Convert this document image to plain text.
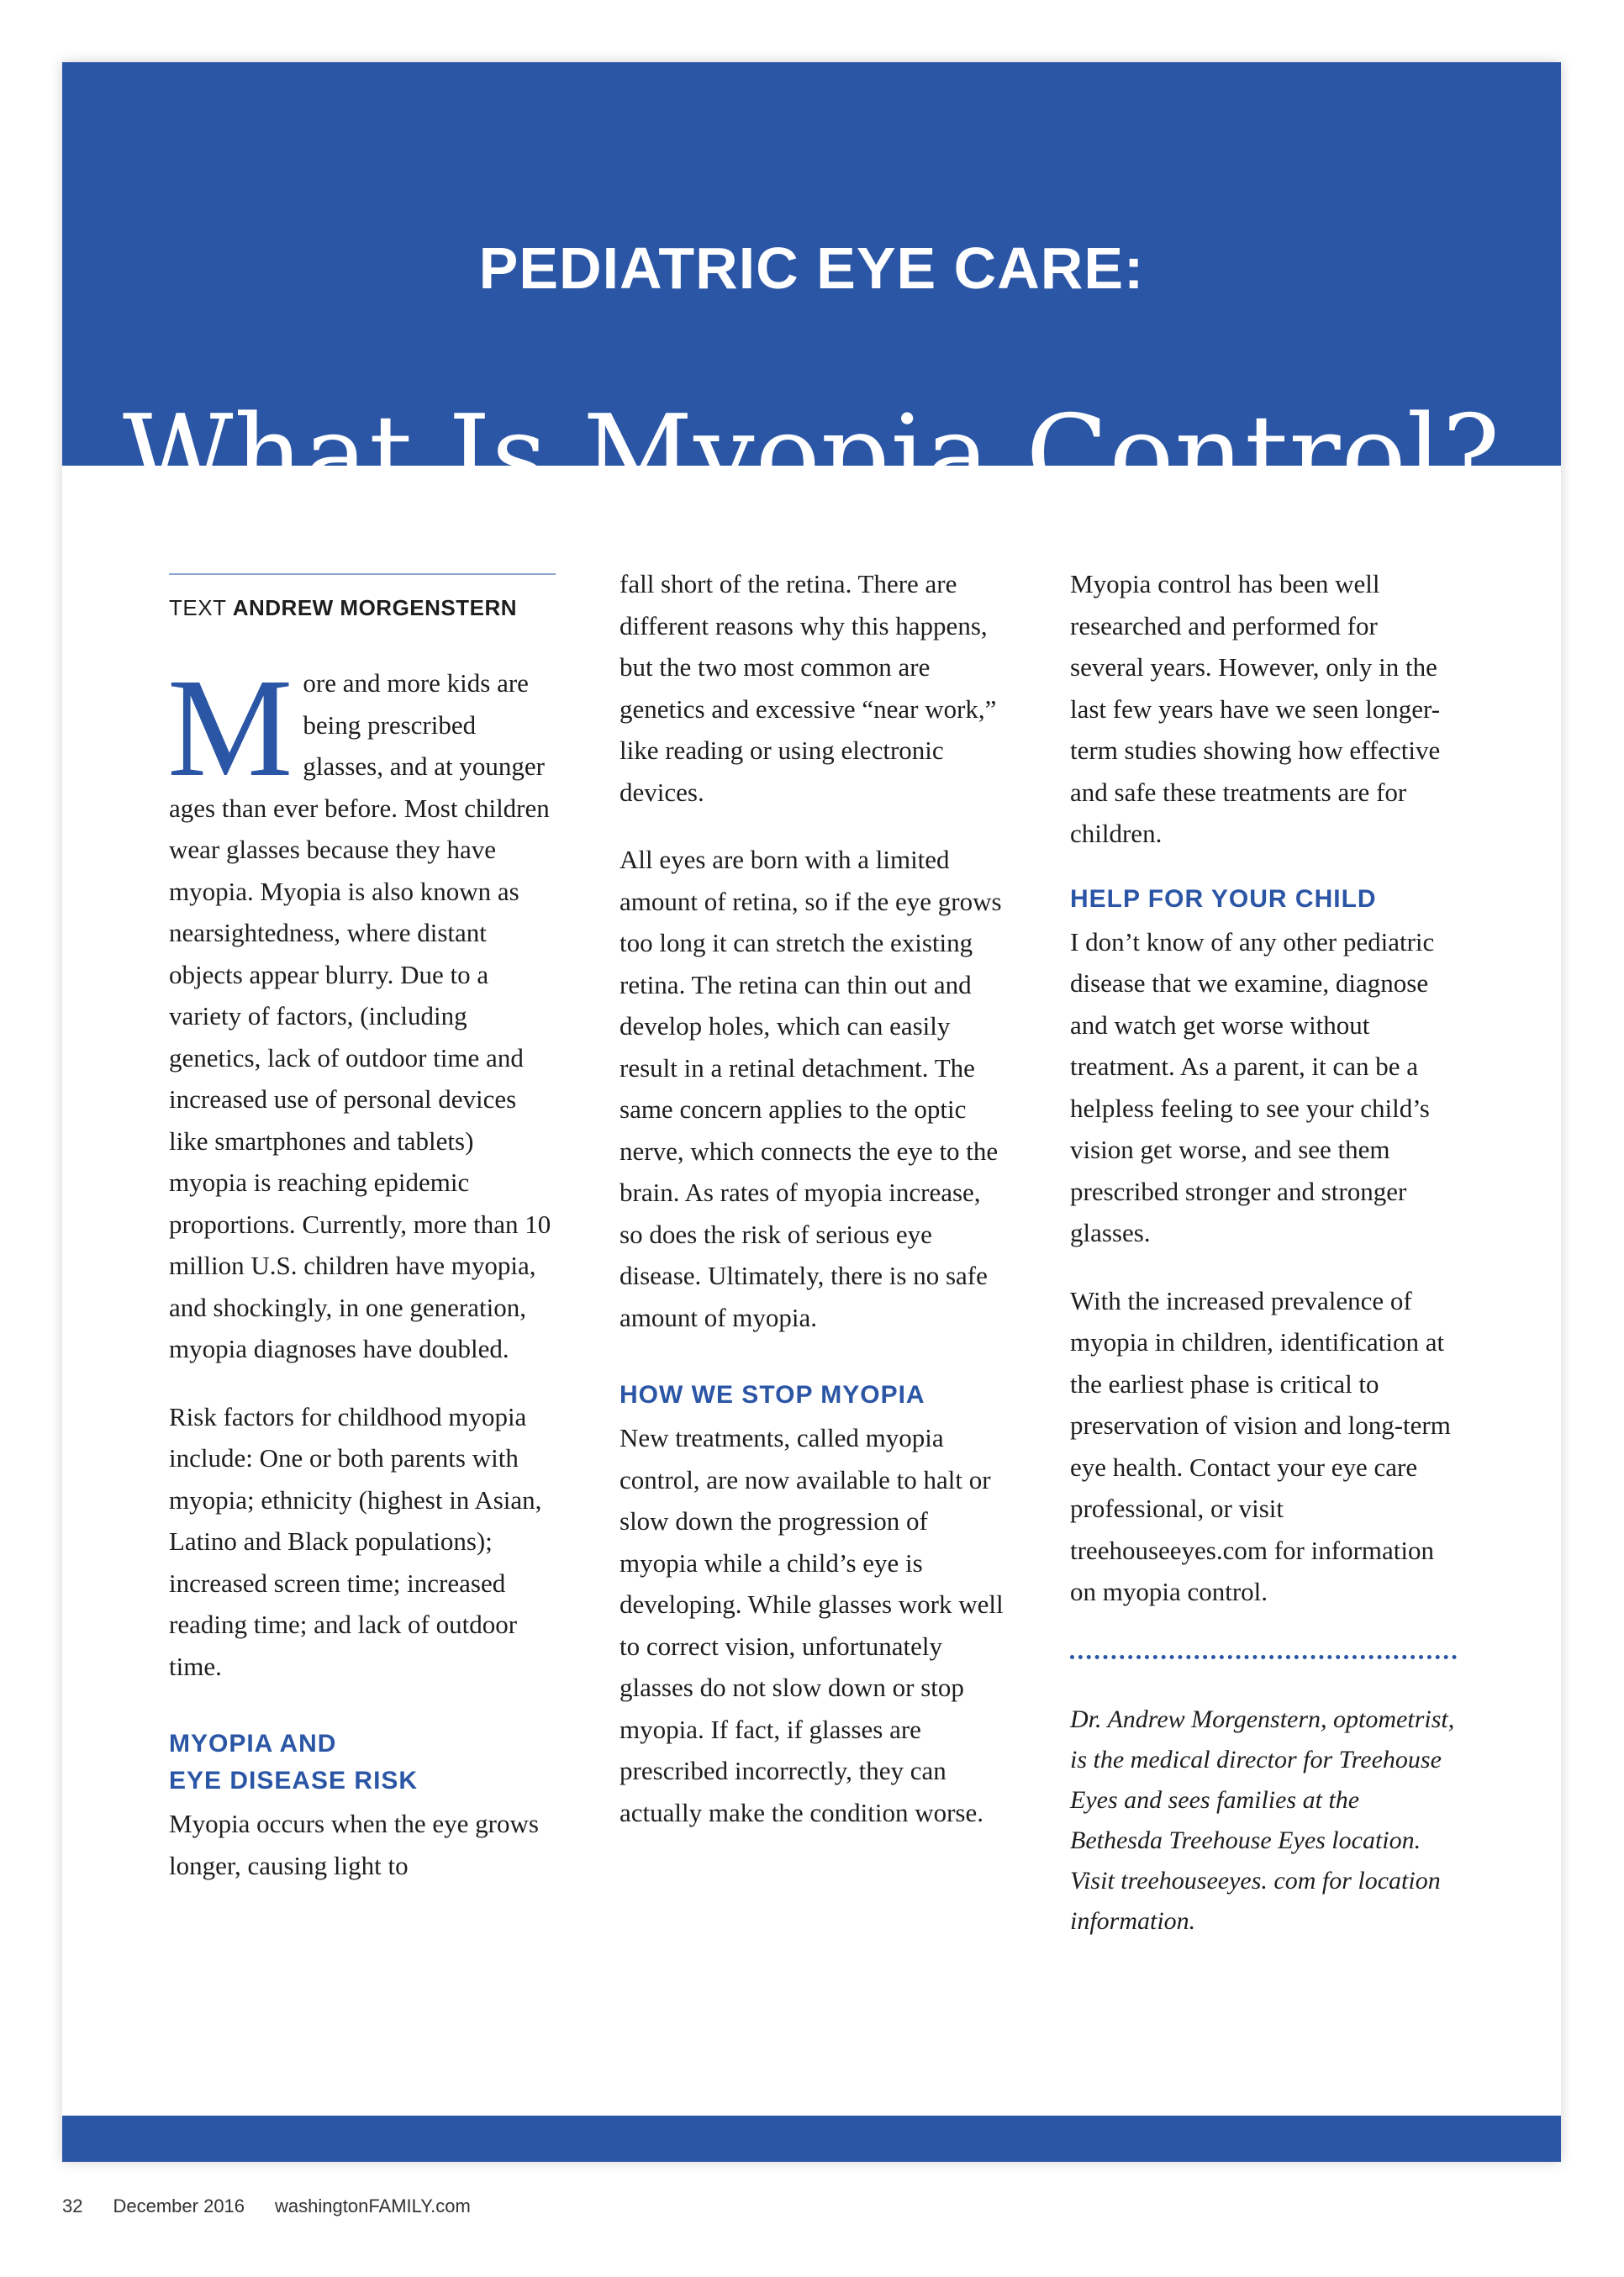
PEDIATRIC EYE CARE:
What Is Myopia Control?
TEXT ANDREW MORGENSTERN

More and more kids are being prescribed glasses, and at younger ages than ever before. Most children wear glasses because they have myopia. Myopia is also known as nearsightedness, where distant objects appear blurry. Due to a variety of factors, (including genetics, lack of outdoor time and increased use of personal devices like smartphones and tablets) myopia is reaching epidemic proportions. Currently, more than 10 million U.S. children have myopia, and shockingly, in one generation, myopia diagnoses have doubled.

Risk factors for childhood myopia include: One or both parents with myopia; ethnicity (highest in Asian, Latino and Black populations); increased screen time; increased reading time; and lack of outdoor time.

MYOPIA AND
EYE DISEASE RISK

Myopia occurs when the eye grows longer, causing light to

fall short of the retina. There are different reasons why this happens, but the two most common are genetics and excessive “near work,” like reading or using electronic devices.

All eyes are born with a limited amount of retina, so if the eye grows too long it can stretch the existing retina. The retina can thin out and develop holes, which can easily result in a retinal detachment. The same concern applies to the optic nerve, which connects the eye to the brain. As rates of myopia increase, so does the risk of serious eye disease. Ultimately, there is no safe amount of myopia.

HOW WE STOP MYOPIA

New treatments, called myopia control, are now available to halt or slow down the progression of myopia while a child’s eye is developing. While glasses work well to correct vision, unfortunately glasses do not slow down or stop myopia. If fact, if glasses are prescribed incorrectly, they can actually make the condition worse.

Myopia control has been well researched and performed for several years. However, only in the last few years have we seen longer-term studies showing how effective and safe these treatments are for children.

HELP FOR YOUR CHILD

I don’t know of any other pediatric disease that we examine, diagnose and watch get worse without treatment. As a parent, it can be a helpless feeling to see your child’s vision get worse, and see them prescribed stronger and stronger glasses.

With the increased prevalence of myopia in children, identification at the earliest phase is critical to preservation of vision and long-term eye health. Contact your eye care professional, or visit treehouseeyes.com for information on myopia control.

Dr. Andrew Morgenstern, optometrist, is the medical director for Treehouse Eyes and sees families at the Bethesda Treehouse Eyes location. Visit treehouseeyes. com for location information.

32 December 2016 washingtonFAMILY.com
